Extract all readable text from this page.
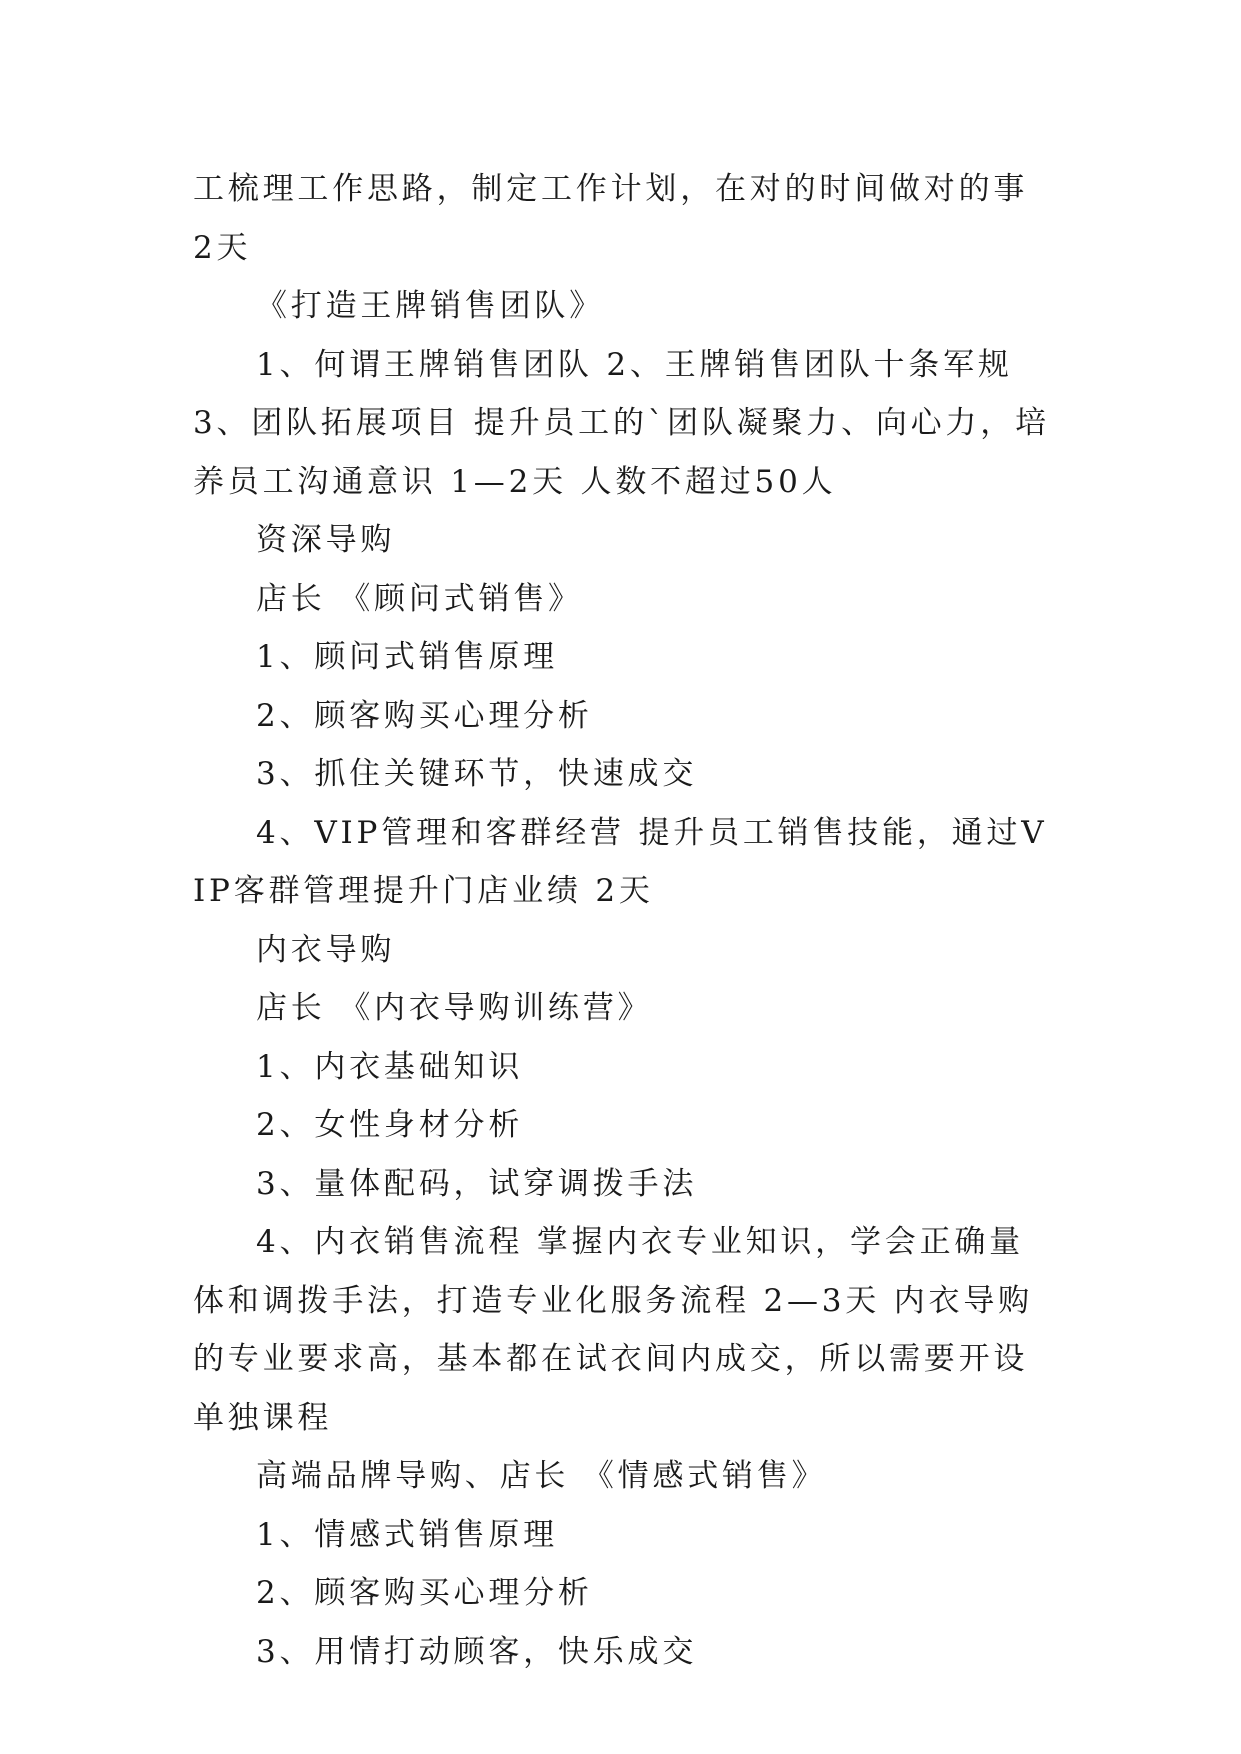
工梳理工作思路，制定工作计划，在对的时间做对的事 2天

《打造王牌销售团队》

1、何谓王牌销售团队 2、王牌销售团队十条军规 3、团队拓展项目 提升员工的`团队凝聚力、向心力，培养员工沟通意识 1—2天 人数不超过50人

资深导购

店长 《顾问式销售》

1、顾问式销售原理

2、顾客购买心理分析

3、抓住关键环节，快速成交

4、VIP管理和客群经营 提升员工销售技能，通过VIP客群管理提升门店业绩 2天

内衣导购

店长 《内衣导购训练营》

1、内衣基础知识

2、女性身材分析

3、量体配码，试穿调拨手法

4、内衣销售流程 掌握内衣专业知识，学会正确量体和调拨手法，打造专业化服务流程 2—3天 内衣导购的专业要求高，基本都在试衣间内成交，所以需要开设单独课程

高端品牌导购、店长 《情感式销售》

1、情感式销售原理

2、顾客购买心理分析

3、用情打动顾客，快乐成交
